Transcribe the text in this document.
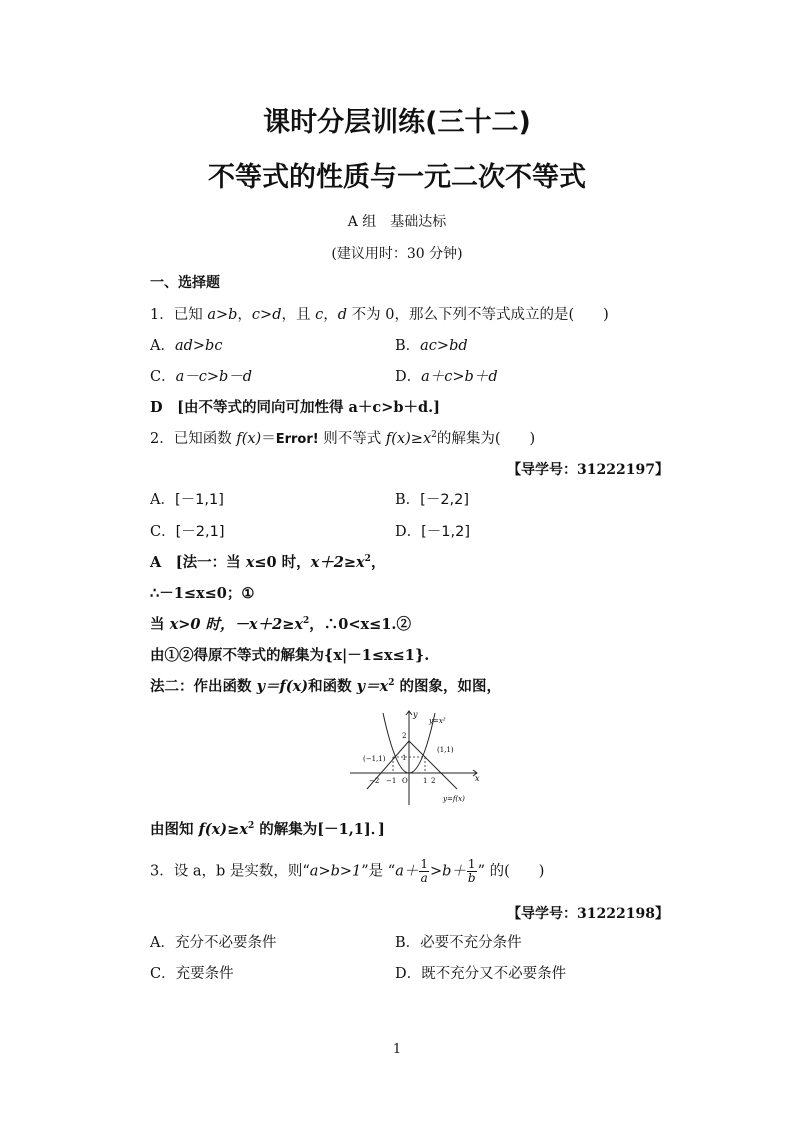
课时分层训练(三十二)
不等式的性质与一元二次不等式
A 组　基础达标
(建议用时：30 分钟)
一、选择题
1．已知 a>b，c>d，且 c，d 不为 0，那么下列不等式成立的是(　　)
A．ad>bc	B．ac>bd
C．a－c>b－d	D．a＋c>b＋d
D　 [由不等式的同向可加性得 a＋c>b＋d.]
2．已知函数 f(x)＝Error! 则不等式 $f(x)\ge x^2$的解集为(　　)
【导学号：31222197】
A．[－1,1]	B．[－2,2]
C．[－2,1]	D．[－1,2]
A　 [法一：当 x≤0 时，$x+2\ge x^2$，
∴－1≤x≤0；①
当 x>0 时，$-x+2\ge x^2$，∴0<x≤1.②
由①②得原不等式的解集为{x|－1≤x≤1}.
法二：作出函数 y＝f(x)和函数 $y=x^2$ 的图象，如图，
y
x
y=x²
y=f(x)
(−1,1)
(1,1)
2
1
−2 −1 O 1 2
由图知 $f(x)\ge x^2$ 的解集为[－1,1]．]
3．设 a，b 是实数，则“a>b>1”是 “$a+ \frac{1}{a} >b+ \frac{1}{b}$ ” 的(　　)
【导学号：31222198】
A．充分不必要条件	B．必要不充分条件
C．充要条件	D．既不充分又不必要条件
1
